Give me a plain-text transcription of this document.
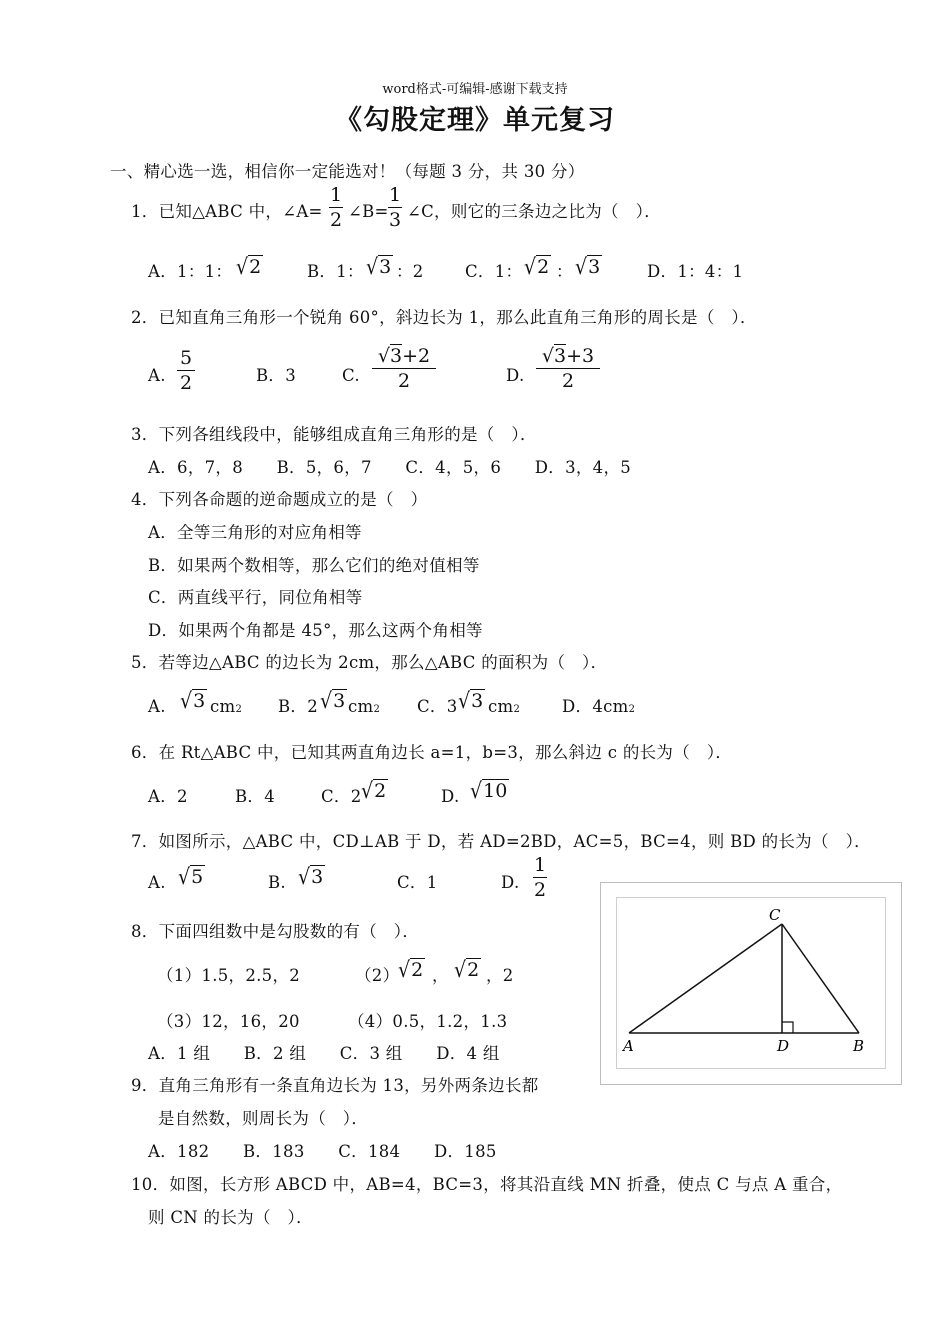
word格式-可编辑-感谢下载支持
《勾股定理》单元复习
一、精心选一选，相信你一定能选对！（每题 3 分，共 30 分）
1．已知△ABC 中，∠A=
1
2 ∠B=
1
3 ∠C，则它的三条边之比为（　）．
A．1：1： √2	B．1： √3 ：2	C．1： √2 ： √3	D．1：4：1
2．已知直角三角形一个锐角 60°，斜边长为 1，那么此直角三角形的周长是（　）．
A.
5
2	B．3	C.
√3+2
2	D.
√3+3
2
3．下列各组线段中，能够组成直角三角形的是（　）．
A．6，7，8　　B．5，6，7　　C．4，5，6　　D．3，4，5
4．下列各命题的逆命题成立的是（　）
A．全等三角形的对应角相等
B．如果两个数相等，那么它们的绝对值相等
C．两直线平行，同位角相等
D．如果两个角都是 45°，那么这两个角相等
5．若等边△ABC 的边长为 2cm，那么△ABC 的面积为（　）．
A. √3 cm2 B．2 √3 cm2 C．3 √3 cm2	D．4cm2
6．在 Rt△ABC 中，已知其两直角边长 a=1，b=3，那么斜边 c 的长为（　）．
A．2	B．4	C．2 √2	D. √10
7．如图所示，△ABC 中，CD⊥AB 于 D，若 AD=2BD，AC=5，BC=4，则 BD 的长为（　）．
A. √5	B. √3	C．1	D.
1
2
C
A	D	B
8．下面四组数中是勾股数的有（　）．
（1）1.5，2.5，2	（2）
√2 ， √2 ，2
（3）12，16，20	（4）0.5，1.2，1.3
A．1 组　　B．2 组　　C．3 组　　D．4 组
9．直角三角形有一条直角边长为 13，另外两条边长都
是自然数，则周长为（　）．
A．182　　B．183　　C．184　　D．185
10．如图，长方形 ABCD 中，AB=4，BC=3，将其沿直线 MN 折叠，使点 C 与点 A 重合，
则 CN 的长为（　）．
